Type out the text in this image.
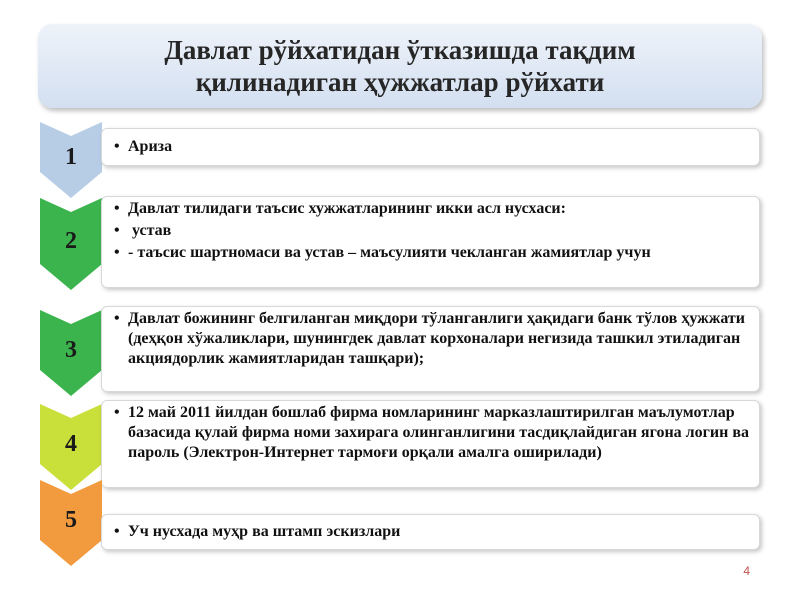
Давлат рўйхатидан ўтказишда тақдим
қилинадиган ҳужжатлар рўйхати
1	• Ариза
2
• Давлат тилидаги таъсис хужжатларининг икки асл нусхаси:
•  устав
• - таъсис шартномаси ва устав – маъсулияти чекланган жамиятлар учун
3
• Давлат божининг белгиланган миқдори тўланганлиги ҳақидаги банк тўлов ҳужжати (деҳқон хўжаликлари, шунингдек давлат корхоналари негизида ташкил этиладиган акциядорлик жамиятларидан ташқари);
4
• 12 май 2011 йилдан бошлаб фирма номларининг марказлаштирилган маълумотлар базасида қулай фирма номи захирага олинганлигини тасдиқлайдиган ягона логин ва пароль (Электрон-Интернет тармоғи орқали амалга оширилади)
5	• Уч нусхада муҳр ва штамп эскизлари
4
